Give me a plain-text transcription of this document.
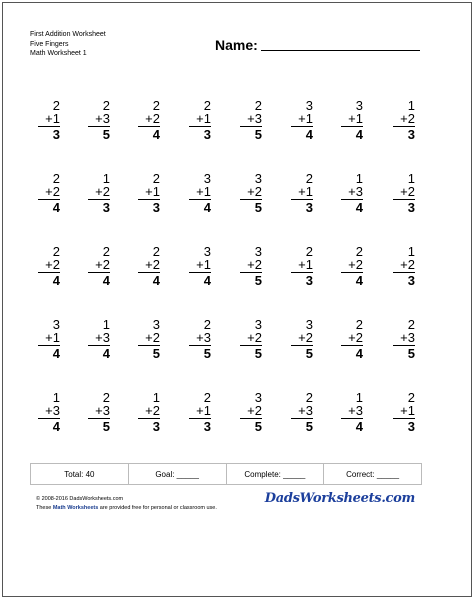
First Addition Worksheet
Five Fingers
Math Worksheet 1
Name:
2
+1
3
2
+3
5
2
+2
4
2
+1
3
2
+3
5
3
+1
4
3
+1
4
1
+2
3
2
+2
4
1
+2
3
2
+1
3
3
+1
4
3
+2
5
2
+1
3
1
+3
4
1
+2
3
2
+2
4
2
+2
4
2
+2
4
3
+1
4
3
+2
5
2
+1
3
2
+2
4
1
+2
3
3
+1
4
1
+3
4
3
+2
5
2
+3
5
3
+2
5
3
+2
5
2
+2
4
2
+3
5
1
+3
4
2
+3
5
1
+2
3
2
+1
3
3
+2
5
2
+3
5
1
+3
4
2
+1
3
Total: 40	Goal: _____	Complete: _____	Correct: _____
© 2008-2016 DadsWorksheets.com
These Math Worksheets are provided free for personal or classroom use.
DadsWorksheets.com
